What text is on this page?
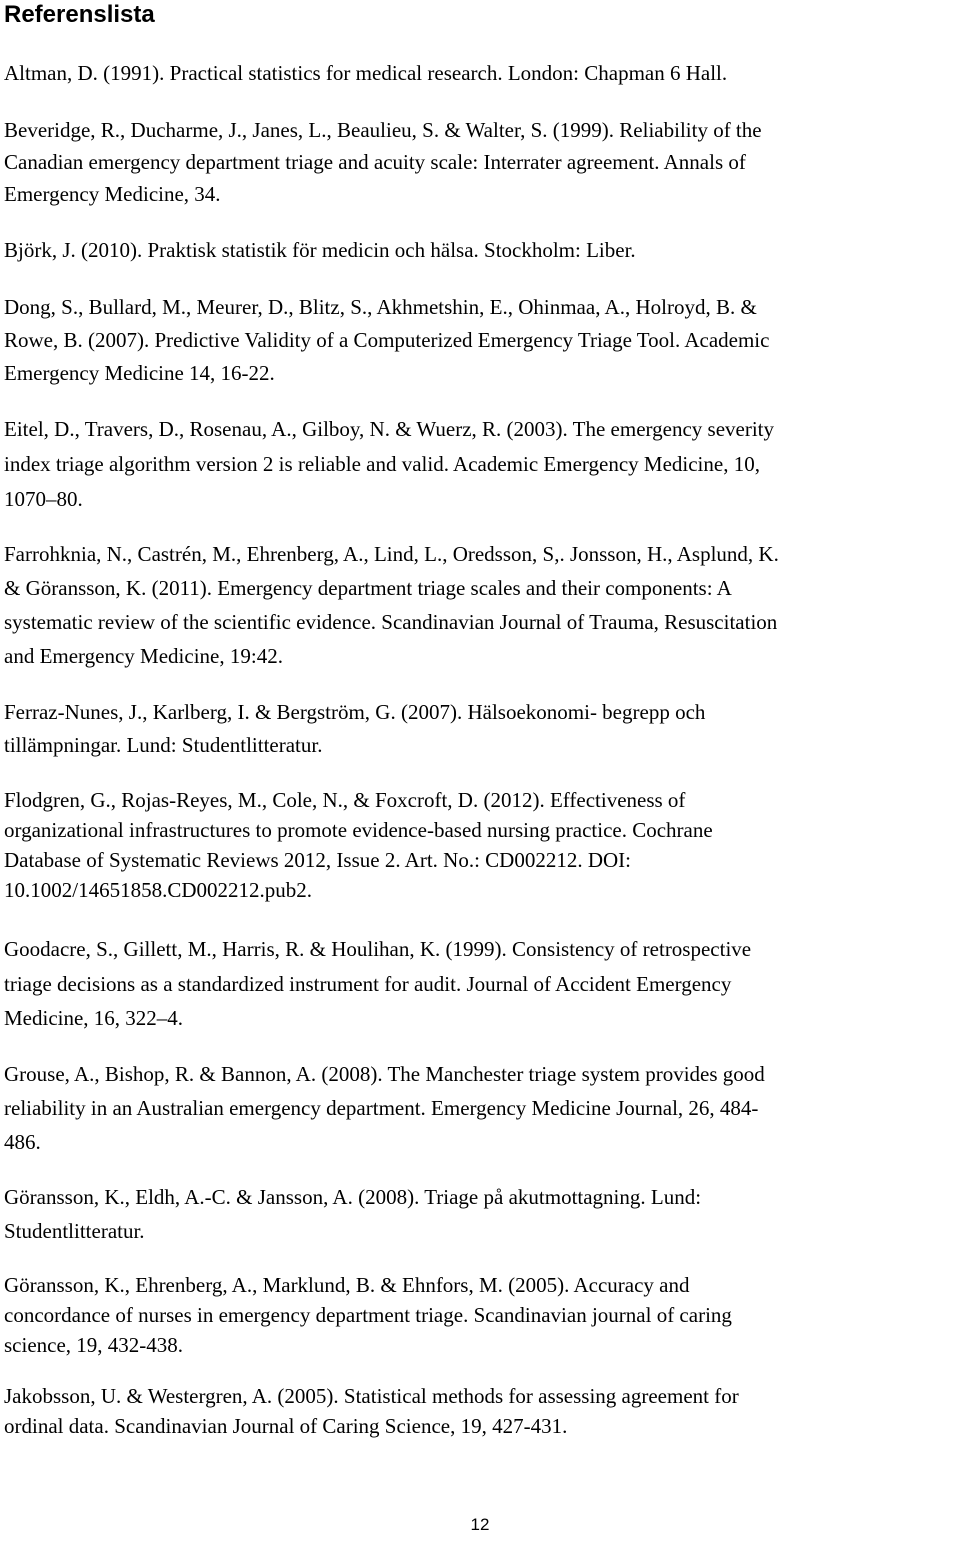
Referenslista

Altman, D. (1991). Practical statistics for medical research. London: Chapman 6 Hall.

Beveridge, R., Ducharme, J., Janes, L., Beaulieu, S. & Walter, S. (1999). Reliability of the

Canadian emergency department triage and acuity scale: Interrater agreement. Annals of

Emergency Medicine, 34.

Björk, J. (2010). Praktisk statistik för medicin och hälsa. Stockholm: Liber.

Dong, S., Bullard, M., Meurer, D., Blitz, S., Akhmetshin, E., Ohinmaa, A., Holroyd, B. &

Rowe, B. (2007). Predictive Validity of a Computerized Emergency Triage Tool. Academic

Emergency Medicine 14, 16-22.

Eitel, D., Travers, D., Rosenau, A., Gilboy, N. & Wuerz, R. (2003). The emergency severity

index triage algorithm version 2 is reliable and valid. Academic Emergency Medicine, 10,

1070–80.

Farrohknia, N., Castrén, M., Ehrenberg, A., Lind, L., Oredsson, S,. Jonsson, H., Asplund, K.

& Göransson, K. (2011). Emergency department triage scales and their components: A

systematic review of the scientific evidence. Scandinavian Journal of Trauma, Resuscitation

and Emergency Medicine, 19:42.

Ferraz-Nunes, J., Karlberg, I. & Bergström, G. (2007). Hälsoekonomi- begrepp och

tillämpningar. Lund: Studentlitteratur.

Flodgren, G., Rojas-Reyes, M., Cole, N., & Foxcroft, D. (2012). Effectiveness of

organizational infrastructures to promote evidence-based nursing practice. Cochrane

Database of Systematic Reviews 2012, Issue 2. Art. No.: CD002212. DOI:

10.1002/14651858.CD002212.pub2.

Goodacre, S., Gillett, M., Harris, R. & Houlihan, K. (1999). Consistency of retrospective

triage decisions as a standardized instrument for audit. Journal of Accident Emergency

Medicine, 16, 322–4.

Grouse, A., Bishop, R. & Bannon, A. (2008). The Manchester triage system provides good

reliability in an Australian emergency department. Emergency Medicine Journal, 26, 484-

486.

Göransson, K., Eldh, A.-C. & Jansson, A. (2008). Triage på akutmottagning. Lund:

Studentlitteratur.

Göransson, K., Ehrenberg, A., Marklund, B. & Ehnfors, M. (2005). Accuracy and

concordance of nurses in emergency department triage. Scandinavian journal of caring

science, 19, 432-438.

Jakobsson, U. & Westergren, A. (2005). Statistical methods for assessing agreement for

ordinal data. Scandinavian Journal of Caring Science, 19, 427-431.

12
